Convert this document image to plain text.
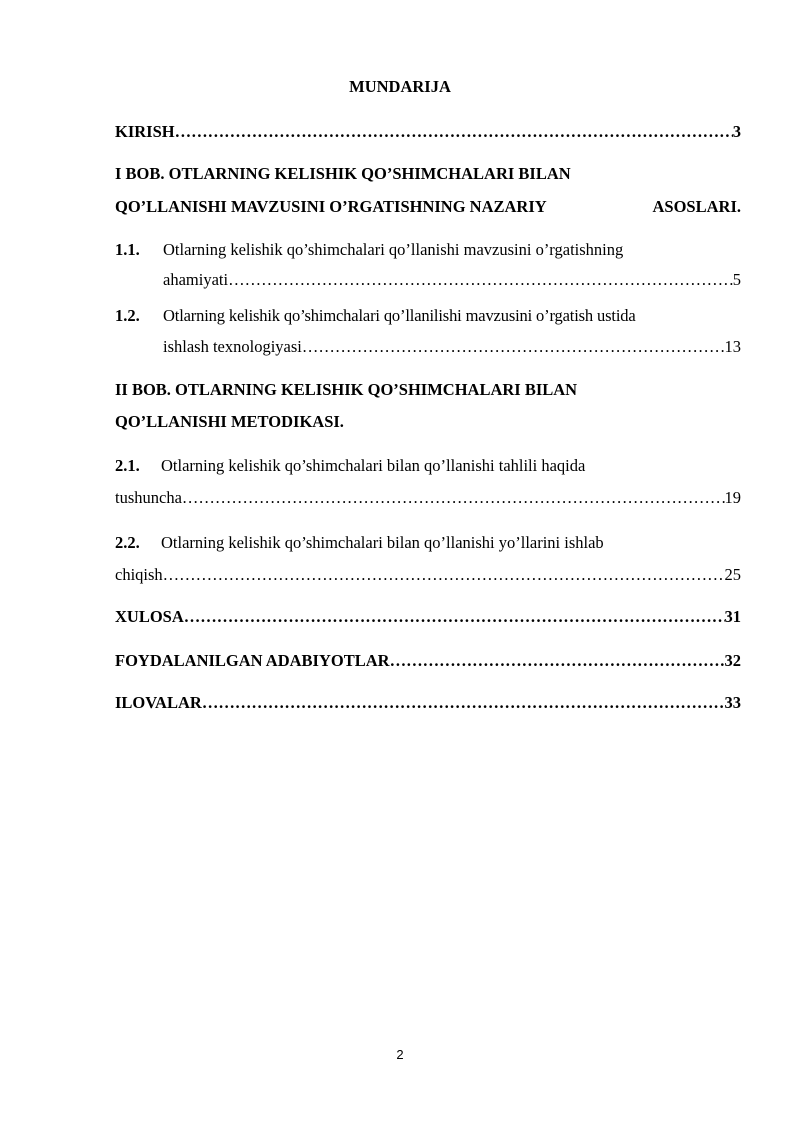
MUNDARIJA
KIRISH ……………………………………………………………………………………………………………………………………………………………………………………………………………………	3
I BOB. OTLARNING KELISHIK QO’SHIMCHALARI BILAN
QO’LLANISHI MAVZUSINI O’RGATISHNING NAZARIY	ASOSLARI.
1.1. Otlarning kelishik qo’shimchalari qo’llanishi mavzusini o’rgatishning
ahamiyati ……………………………………………………………………………………………………………………………………………………………………………………………………………………	5
1.2. Otlarning kelishik qo’shimchalari qo’llanilishi mavzusini o’rgatish ustida
ishlash texnologiyasi ……………………………………………………………………………………………………………………………………………………………………………………………………………………	13
II BOB. OTLARNING KELISHIK QO’SHIMCHALARI BILAN
QO’LLANISHI METODIKASI.
2.1. Otlarning kelishik qo’shimchalari bilan qo’llanishi tahlili haqida
tushuncha ……………………………………………………………………………………………………………………………………………………………………………………………………………………	19
2.2. Otlarning kelishik qo’shimchalari bilan qo’llanishi yo’llarini ishlab
chiqish ……………………………………………………………………………………………………………………………………………………………………………………………………………………	25
XULOSA ……………………………………………………………………………………………………………………………………………………………………………………………………………………	31
FOYDALANILGAN ADABIYOTLAR ……………………………………………………………………………………………………………………………………………………………………………………………………………………	32
ILOVALAR ……………………………………………………………………………………………………………………………………………………………………………………………………………………	33
2
